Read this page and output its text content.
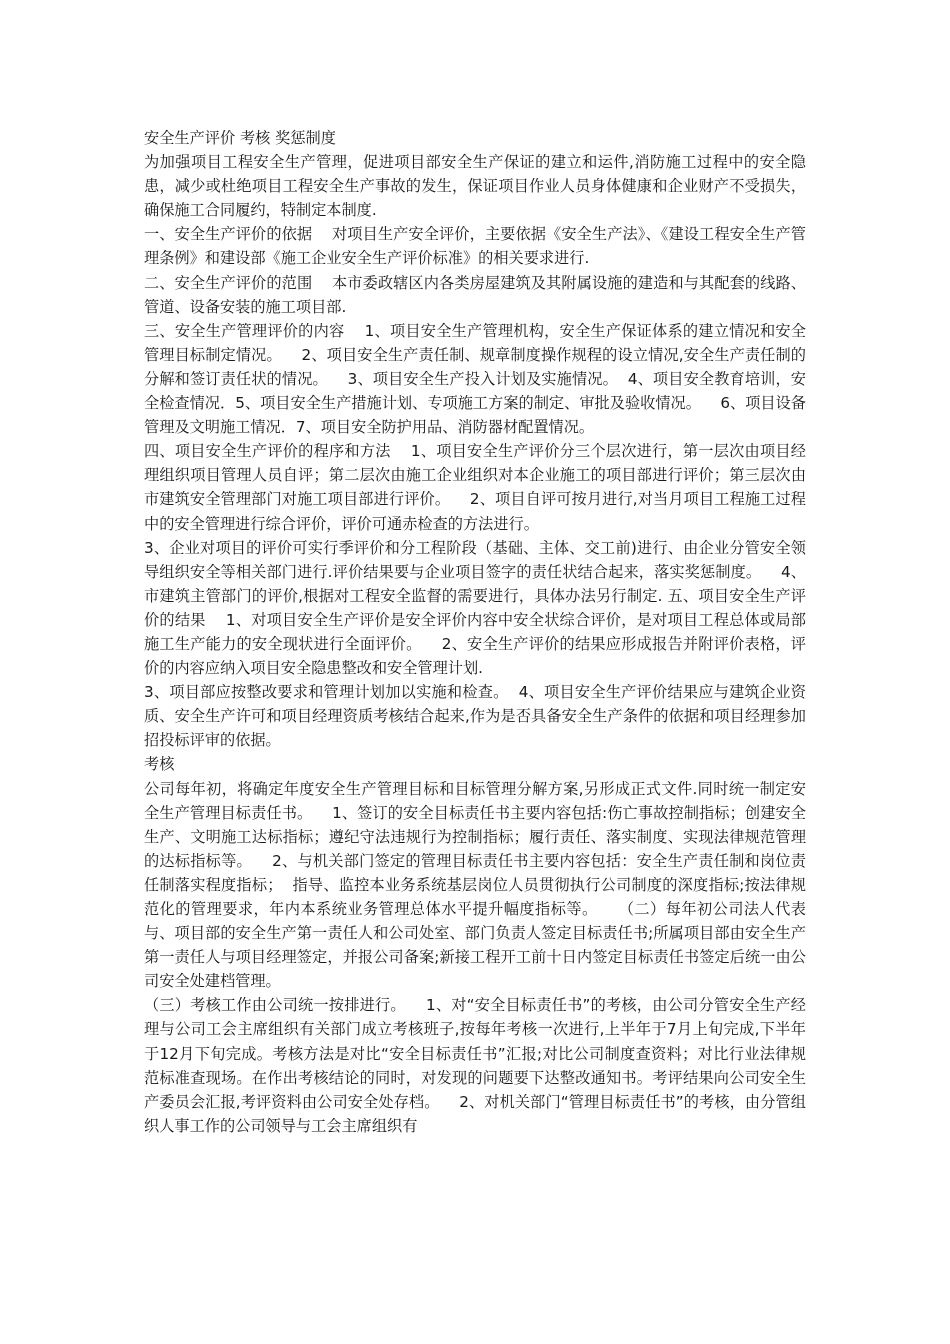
安全生产评价 考核 奖惩制度

为加强项目工程安全生产管理，促进项目部安全生产保证的建立和运件,消防施工过程中的安全隐患，减少或杜绝项目工程安全生产事故的发生，保证项目作业人员身体健康和企业财产不受损失，确保施工合同履约，特制定本制度.

一、安全生产评价的依据    对项目生产安全评价，主要依据《安全生产法》、《建设工程安全生产管理条例》和建设部《施工企业安全生产评价标准》的相关要求进行.

二、安全生产评价的范围    本市委政辖区内各类房屋建筑及其附属设施的建造和与其配套的线路、管道、设备安装的施工项目部.

三、安全生产管理评价的内容    1、项目安全生产管理机构，安全生产保证体系的建立情况和安全管理目标制定情况。    2、项目安全生产责任制、规章制度操作规程的设立情况,安全生产责任制的分解和签订责任状的情况。    3、项目安全生产投入计划及实施情况。  4、项目安全教育培训，安全检查情况．5、项目安全生产措施计划、专项施工方案的制定、审批及验收情况。    6、项目设备管理及文明施工情况．7、项目安全防护用品、消防器材配置情况。

四、项目安全生产评价的程序和方法    1、项目安全生产评价分三个层次进行，第一层次由项目经理组织项目管理人员自评；第二层次由施工企业组织对本企业施工的项目部进行评价；第三层次由市建筑安全管理部门对施工项目部进行评价。    2、项目自评可按月进行,对当月项目工程施工过程中的安全管理进行综合评价，评价可通赤检查的方法进行。

3、企业对项目的评价可实行季评价和分工程阶段（基础、主体、交工前)进行、由企业分管安全领导组织安全等相关部门进行.评价结果要与企业项目签字的责任状结合起来，落实奖惩制度。    4、市建筑主管部门的评价,根据对工程安全监督的需要进行，具体办法另行制定. 五、项目安全生产评价的结果    1、对项目安全生产评价是安全评价内容中安全状综合评价，是对项目工程总体或局部施工生产能力的安全现状进行全面评价。    2、安全生产评价的结果应形成报告并附评价表格，评价的内容应纳入项目安全隐患整改和安全管理计划.

3、项目部应按整改要求和管理计划加以实施和检查。  4、项目安全生产评价结果应与建筑企业资质、安全生产许可和项目经理资质考核结合起来,作为是否具备安全生产条件的依据和项目经理参加招投标评审的依据。

考核

公司每年初，将确定年度安全生产管理目标和目标管理分解方案,另形成正式文件.同时统一制定安全生产管理目标责任书。    1、签订的安全目标责任书主要内容包括:伤亡事故控制指标；创建安全生产、文明施工达标指标；遵纪守法违规行为控制指标；履行责任、落实制度、实现法律规范管理的达标指标等。    2、与机关部门签定的管理目标责任书主要内容包括：安全生产责任制和岗位责任制落实程度指标；  指导、监控本业务系统基层岗位人员贯彻执行公司制度的深度指标;按法律规范化的管理要求，年内本系统业务管理总体水平提升幅度指标等。    （二）每年初公司法人代表与、项目部的安全生产第一责任人和公司处室、部门负责人签定目标责任书;所属项目部由安全生产第一责任人与项目经理签定，并报公司备案;新接工程开工前十日内签定目标责任书签定后统一由公司安全处建档管理。

（三）考核工作由公司统一按排进行。    1、对“安全目标责任书”的考核，由公司分管安全生产经理与公司工会主席组织有关部门成立考核班子,按每年考核一次进行,上半年于7月上旬完成,下半年于12月下旬完成。考核方法是对比“安全目标责任书”汇报;对比公司制度查资料；对比行业法律规范标准查现场。在作出考核结论的同时，对发现的问题要下达整改通知书。考评结果向公司安全生产委员会汇报,考评资料由公司安全处存档。    2、对机关部门“管理目标责任书”的考核，由分管组织人事工作的公司领导与工会主席组织有
